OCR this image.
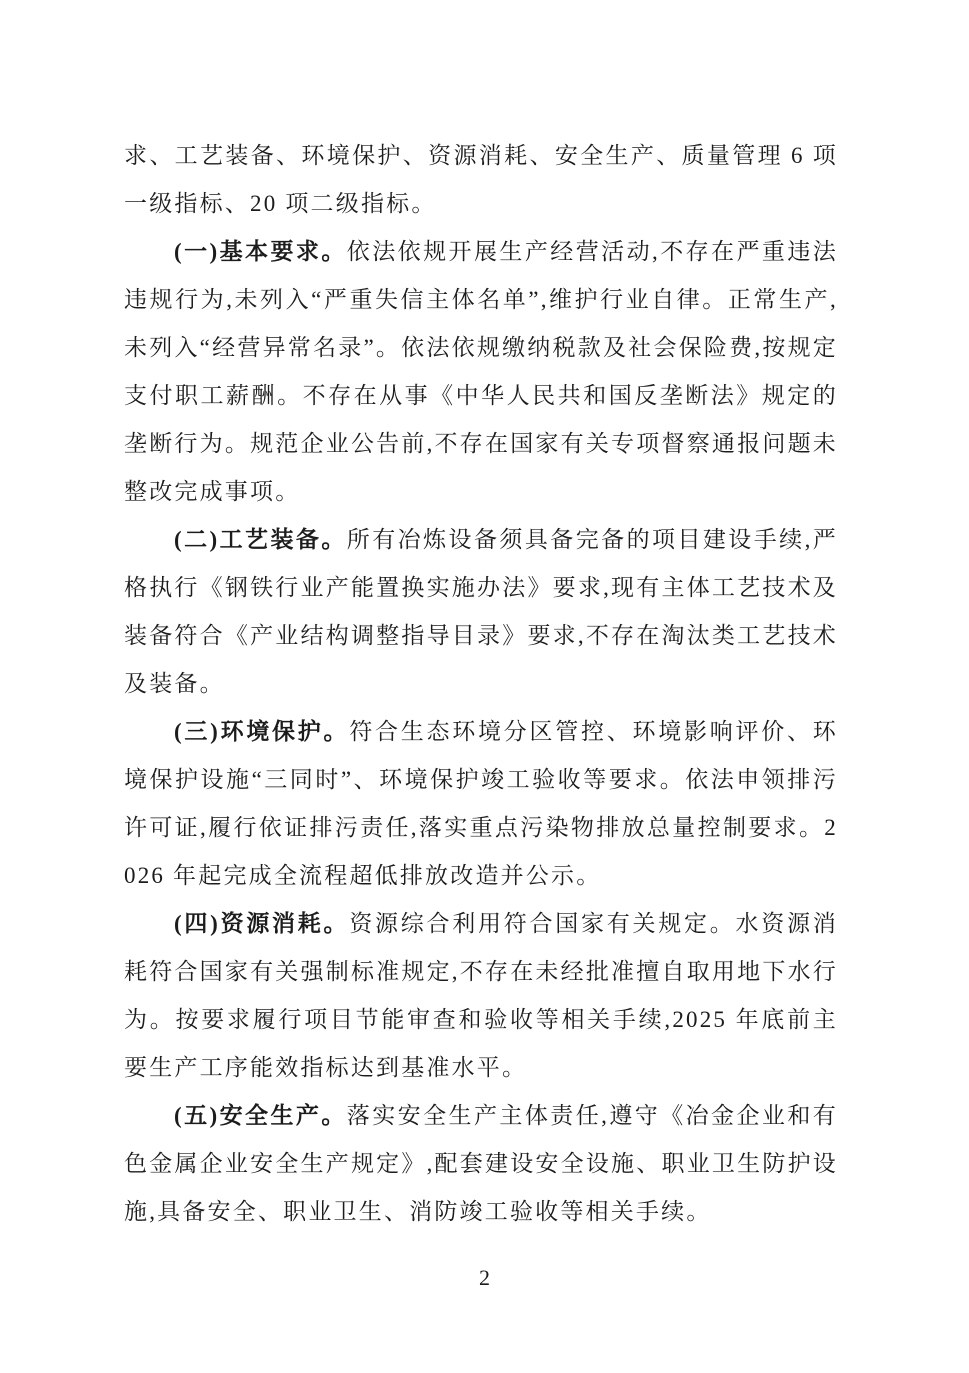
求、工艺装备、环境保护、资源消耗、安全生产、质量管理 6 项一级指标、20 项二级指标。

(一)基本要求。依法依规开展生产经营活动,不存在严重违法违规行为,未列入“严重失信主体名单”,维护行业自律。正常生产,未列入“经营异常名录”。依法依规缴纳税款及社会保险费,按规定支付职工薪酬。不存在从事《中华人民共和国反垄断法》规定的垄断行为。规范企业公告前,不存在国家有关专项督察通报问题未整改完成事项。

(二)工艺装备。所有冶炼设备须具备完备的项目建设手续,严格执行《钢铁行业产能置换实施办法》要求,现有主体工艺技术及装备符合《产业结构调整指导目录》要求,不存在淘汰类工艺技术及装备。

(三)环境保护。符合生态环境分区管控、环境影响评价、环境保护设施“三同时”、环境保护竣工验收等要求。依法申领排污许可证,履行依证排污责任,落实重点污染物排放总量控制要求。2026 年起完成全流程超低排放改造并公示。

(四)资源消耗。资源综合利用符合国家有关规定。水资源消耗符合国家有关强制标准规定,不存在未经批准擅自取用地下水行为。按要求履行项目节能审查和验收等相关手续,2025 年底前主要生产工序能效指标达到基准水平。

(五)安全生产。落实安全生产主体责任,遵守《冶金企业和有色金属企业安全生产规定》,配套建设安全设施、职业卫生防护设施,具备安全、职业卫生、消防竣工验收等相关手续。

2
